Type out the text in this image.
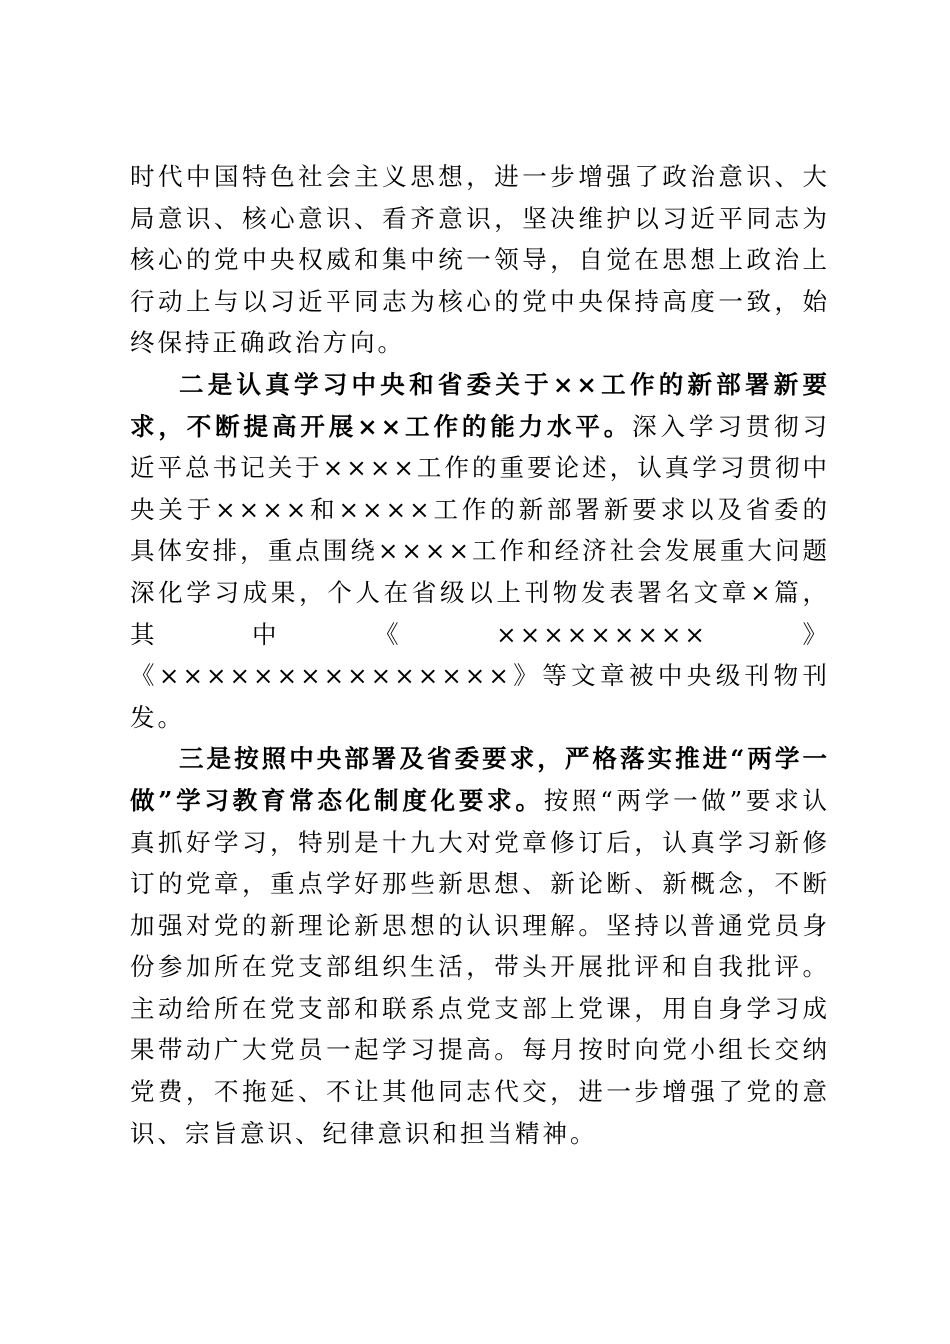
时代中国特色社会主义思想，进一步增强了政治意识、大局意识、核心意识、看齐意识，坚决维护以习近平同志为核心的党中央权威和集中统一领导，自觉在思想上政治上行动上与以习近平同志为核心的党中央保持高度一致，始终保持正确政治方向。

二是认真学习中央和省委关于××工作的新部署新要求，不断提高开展××工作的能力水平。深入学习贯彻习近平总书记关于××××工作的重要论述，认真学习贯彻中央关于××××和××××工作的新部署新要求以及省委的具体安排，重点围绕××××工作和经济社会发展重大问题深化学习成果，个人在省级以上刊物发表署名文章×篇，其中《×××××××××》《×××××××××××××××》等文章被中央级刊物刊发。

三是按照中央部署及省委要求，严格落实推进“两学一做”学习教育常态化制度化要求。按照“两学一做”要求认真抓好学习，特别是十九大对党章修订后，认真学习新修订的党章，重点学好那些新思想、新论断、新概念，不断加强对党的新理论新思想的认识理解。坚持以普通党员身份参加所在党支部组织生活，带头开展批评和自我批评。主动给所在党支部和联系点党支部上党课，用自身学习成果带动广大党员一起学习提高。每月按时向党小组长交纳党费，不拖延、不让其他同志代交，进一步增强了党的意识、宗旨意识、纪律意识和担当精神。
